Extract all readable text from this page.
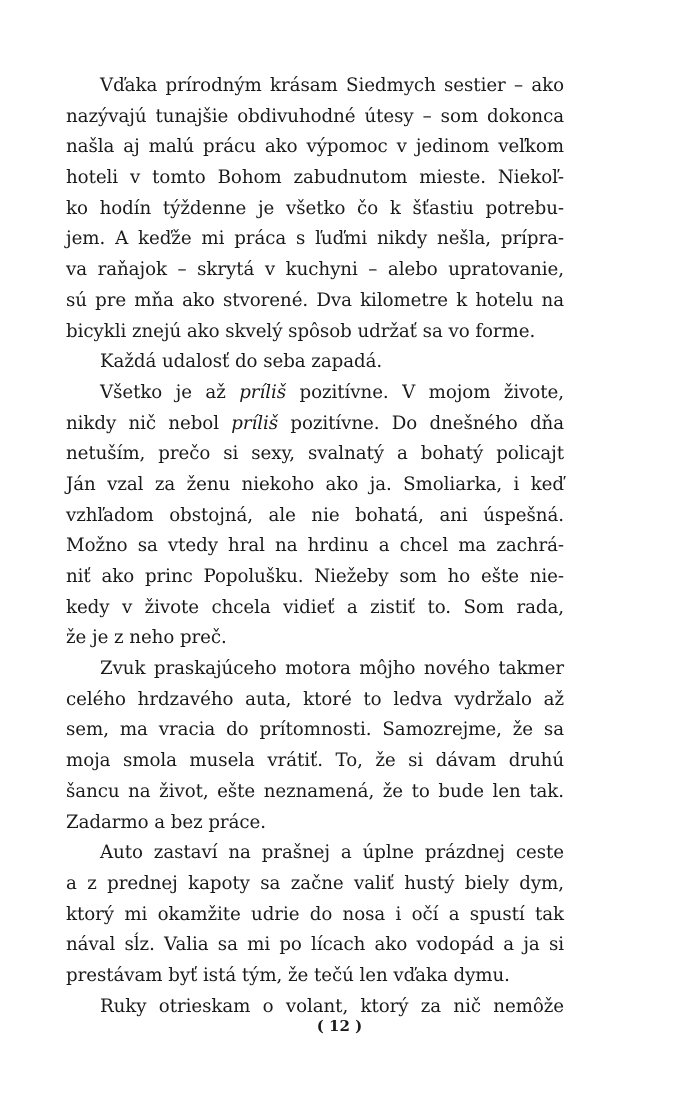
Vďaka prírodným krásam Siedmych sestier – ako
nazývajú tunajšie obdivuhodné útesy – som dokonca
našla aj malú prácu ako výpomoc v jedinom veľkom
hoteli v tomto Bohom zabudnutom mieste. Niekoľ-
ko hodín týždenne je všetko čo k šťastiu potrebu-
jem. A keďže mi práca s ľuďmi nikdy nešla, prípra-
va raňajok – skrytá v kuchyni – alebo upratovanie,
sú pre mňa ako stvorené. Dva kilometre k hotelu na
bicykli znejú ako skvelý spôsob udržať sa vo forme.
Každá udalosť do seba zapadá.
Všetko je až príliš pozitívne. V mojom živote,
nikdy nič nebol príliš pozitívne. Do dnešného dňa
netuším, prečo si sexy, svalnatý a bohatý policajt
Ján vzal za ženu niekoho ako ja. Smoliarka, i keď
vzhľadom obstojná, ale nie bohatá, ani úspešná.
Možno sa vtedy hral na hrdinu a chcel ma zachrá-
niť ako princ Popolušku. Niežeby som ho ešte nie-
kedy v živote chcela vidieť a zistiť to. Som rada,
že je z neho preč.
Zvuk praskajúceho motora môjho nového takmer
celého hrdzavého auta, ktoré to ledva vydržalo až
sem, ma vracia do prítomnosti. Samozrejme, že sa
moja smola musela vrátiť. To, že si dávam druhú
šancu na život, ešte neznamená, že to bude len tak.
Zadarmo a bez práce.
Auto zastaví na prašnej a úplne prázdnej ceste
a z prednej kapoty sa začne valiť hustý biely dym,
ktorý mi okamžite udrie do nosa i očí a spustí tak
nával sĺz. Valia sa mi po lícach ako vodopád a ja si
prestávam byť istá tým, že tečú len vďaka dymu.
Ruky otrieskam o volant, ktorý za nič nemôže
( 12 )
